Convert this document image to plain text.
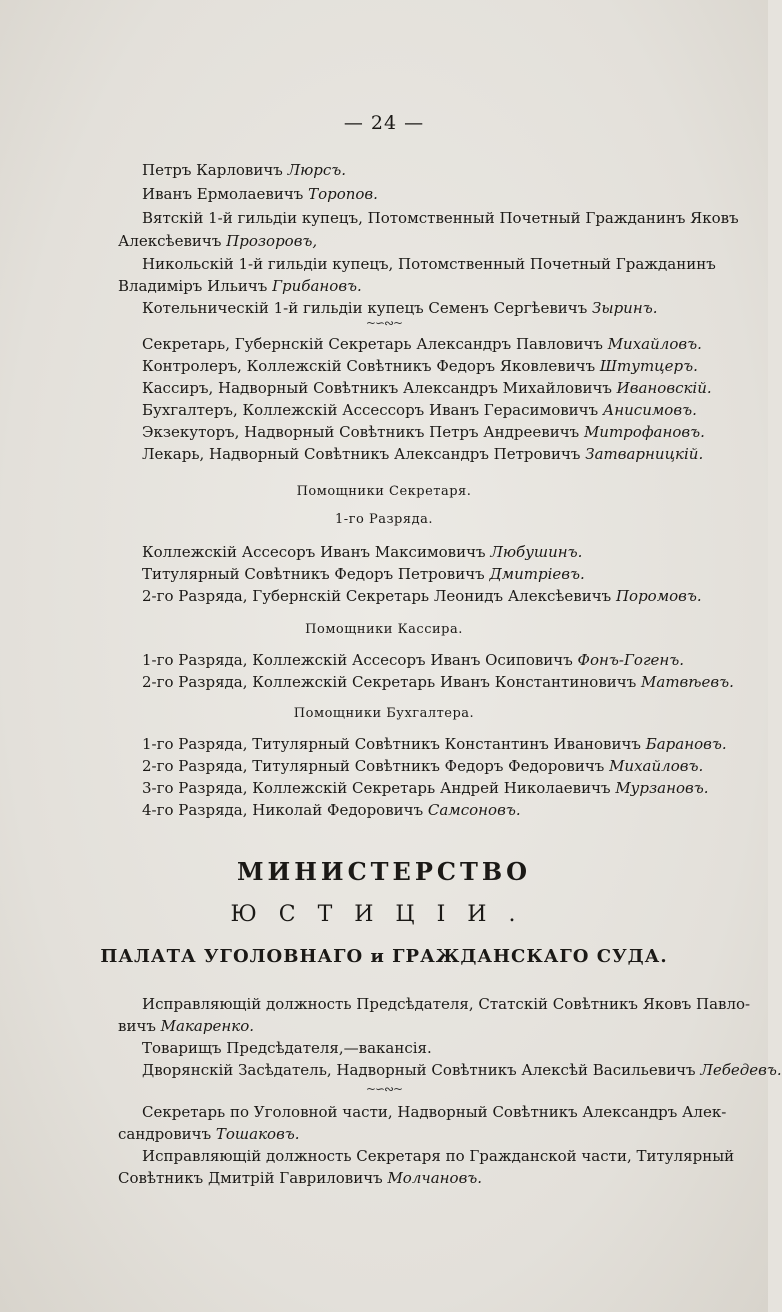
— 24 —
Петръ Карловичъ Люрсъ.
Иванъ Ермолаевичъ Торопов.
Вятскій 1-й гильдіи купецъ, Потомственный Почетный Гражданинъ Яковъ
Алексѣевичъ Прозоровъ,
Никольскій 1-й гильдіи купецъ, Потомственный Почетный Гражданинъ
Владиміръ Ильичъ Грибановъ.
Котельническій 1-й гильдіи купецъ Семенъ Сергѣевичъ Зыринъ.
~∽∾~
Секретарь, Губернскій Секретарь Александръ Павловичъ Михайловъ.
Контролеръ, Коллежскій Совѣтникъ Федоръ Яковлевичъ Штутцеръ.
Кассиръ, Надворный Совѣтникъ Александръ Михайловичъ Ивановскій.
Бухгалтеръ, Коллежскій Ассессоръ Иванъ Герасимовичъ Анисимовъ.
Экзекуторъ, Надворный Совѣтникъ Петръ Андреевичъ Митрофановъ.
Лекарь, Надворный Совѣтникъ Александръ Петровичъ Затварницкій.
Помощники Секретаря.
1-го Разряда.
Коллежскій Ассесоръ Иванъ Максимовичъ Любушинъ.
Титулярный Совѣтникъ Федоръ Петровичъ Дмитріевъ.
2-го Разряда, Губернскій Секретарь Леонидъ Алексѣевичъ Поромовъ.
Помощники Кассира.
1-го Разряда, Коллежскій Ассесоръ Иванъ Осиповичъ Фонъ-Гогенъ.
2-го Разряда, Коллежскій Секретарь Иванъ Константиновичъ Матвѣевъ.
Помощники Бухгалтера.
1-го Разряда, Титулярный Совѣтникъ Константинъ Ивановичъ Барановъ.
2-го Разряда, Титулярный Совѣтникъ Федоръ Федоровичъ Михайловъ.
3-го Разряда, Коллежскій Секретарь Андрей Николаевичъ Мурзановъ.
4-го Разряда, Николай Федоровичъ Самсоновъ.
МИНИСТЕРСТВО
ЮСТИЦІИ.
ПАЛАТА УГОЛОВНАГО и ГРАЖДАНСКАГО СУДА.
Исправляющій должность Предсѣдателя, Статскій Совѣтникъ Яковъ Павло-
вичъ Макаренко.
Товарищъ Предсѣдателя,—вакансія.
Дворянскій Засѣдатель, Надворный Совѣтникъ Алексѣй Васильевичъ Лебедевъ.
~∽∾~
Секретарь по Уголовной части, Надворный Совѣтникъ Александръ Алек-
сандровичъ Тошаковъ.
Исправляющій должность Секретаря по Гражданской части, Титулярный
Совѣтникъ Дмитрій Гавриловичъ Молчановъ.
